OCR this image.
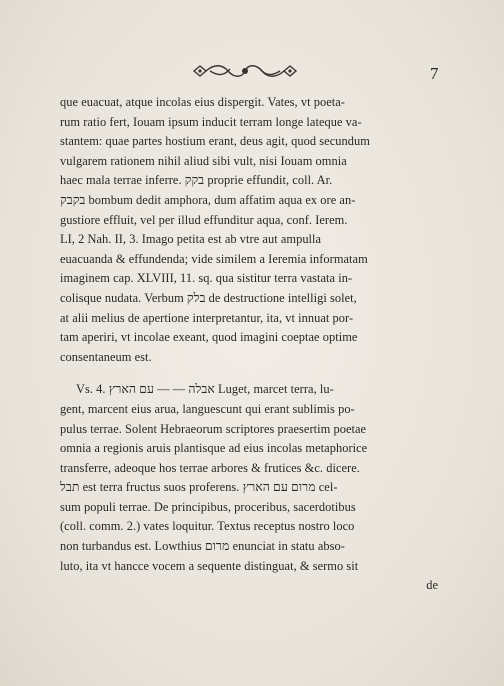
7
que euacuat, atque incolas eius dispergit. Vates, vt poeta-
rum ratio fert, Iouam ipsum inducit terram longe lateque va-
stantem: quae partes hostium erant, deus agit, quod secundum
vulgarem rationem nihil aliud sibi vult, nisi Iouam omnia
haec mala terrae inferre. בקק proprie effundit, coll. Ar.
בקבק bombum dedit amphora, dum affatim aqua ex ore an-
gustiore effluit, vel per illud effunditur aqua, conf. Ierem.
LI, 2 Nah. II, 3. Imago petita est ab vtre aut ampulla
euacuanda & effundenda; vide similem a Ieremia informatam
imaginem cap. XLVIII, 11. sq. qua sistitur terra vastata in-
colisque nudata. Verbum בלק de destructione intelligi solet,
at alii melius de apertione interpretantur, ita, vt innuat por-
tam aperiri, vt incolae exeant, quod imagini coeptae optime
consentaneum est.
Vs. 4. אבלה — — עם הארץ Luget, marcet terra, lu-
gent, marcent eius arua, languescunt qui erant sublimis po-
pulus terrae. Solent Hebraeorum scriptores praesertim poetae
omnia a regionis aruis plantisque ad eius incolas metaphorice
transferre, adeoque hos terrae arbores & frutices &c. dicere.
תבל est terra fructus suos proferens. מרום עם הארץ cel-
sum populi terrae. De principibus, proceribus, sacerdotibus
(coll. comm. 2.) vates loquitur. Textus receptus nostro loco
non turbandus est. Lowthius מרום enunciat in statu abso-
luto, ita vt hancce vocem a sequente distinguat, & sermo sit
de
